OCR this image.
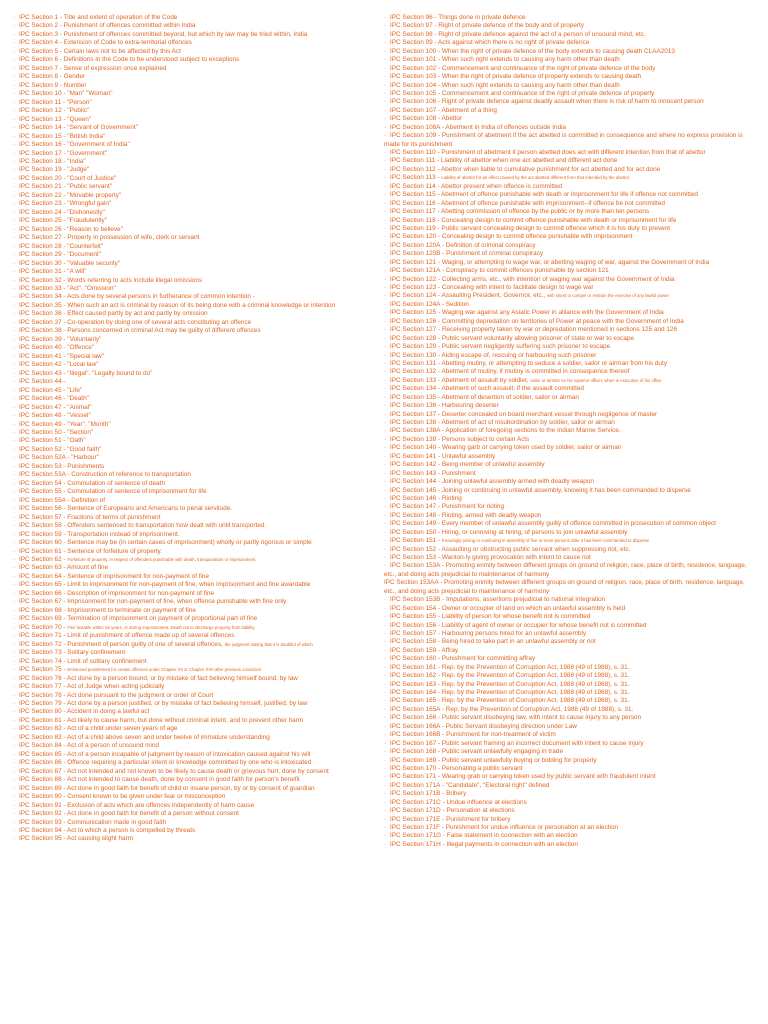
· IPC Section 1 - Title and extent of operation of the Code
· IPC Section 2 - Punishment of offences committed within India
· IPC Section 3 - Punishment of offences committed beyond, but which by law may be tried within, India
· IPC Section 4 - Extension of Code to extra-territorial offences
· IPC Section 5 - Certain laws not to be affected by this Act
· IPC Section 6 - Definitions in the Code to be understood subject to exceptions
· IPC Section 7 - Sense of expression once explained
· IPC Section 8 - Gender
· IPC Section 9 - Number
· IPC Section 10 - "Man" "Woman"
· IPC Section 11 - "Person"
· IPC Section 12 - "Public"
· IPC Section 13 - "Queen"
· IPC Section 14 - "Servant of Government"
· IPC Section 15 - "British India"
· IPC Section 16 - "Government of India"
· IPC Section 17 - "Government"
· IPC Section 18 - "India"
· IPC Section 19 - "Judge"
· IPC Section 20 - "Court of Justice"
· IPC Section 21 - "Public servant"
· IPC Section 22 - "Movable property"
· IPC Section 23 - "Wrongful gain"
· IPC Section 24 - "Dishonestly"
· IPC Section 25 - "Fraudulently"
· IPC Section 26 - "Reason to believe"
· IPC Section 27 - Property in possession of wife, clerk or servant
· IPC Section 28 - "Counterfeit"
· IPC Section 29 - "Document"
· IPC Section 30 - "Valuable security"
· IPC Section 31 - "A will"
· IPC Section 32 - Words referring to acts include illegal omissions
· IPC Section 33 - "Act". "Omission"
· IPC Section 34 - Acts done by several persons in furtherance of common intention -
· IPC Section 35 - When such an act is criminal by reason of its being done with a criminal knowledge or intention
· IPC Section 36 - Effect caused partly by act and partly by omission
· IPC Section 37 - Co-operation by doing one of several acts constituting an offence
· IPC Section 38 - Persons concerned in criminal Act may be guilty of different offences
· IPC Section 39 - "Voluntarily"
· IPC Section 40 - "Offence"
· IPC Section 41 - "Special law"
· IPC Section 42 - "Local law"
· IPC Section 43 - "Illegal". "Legally bound to do"
· IPC Section 44 -
· IPC Section 45 - "Life"
· IPC Section 46 - "Death"
· IPC Section 47 - "Animal"
· IPC Section 48 - "Vessel"
· IPC Section 49 - "Year". "Month"
· IPC Section 50 - "Section"
· IPC Section 51 - "Oath"
· IPC Section 52 - "Good faith"
· IPC Section 52A - "Harbour"
· IPC Section 53 - Punishments
· IPC Section 53A - Construction of reference to transportation
· IPC Section 54 - Commutation of sentence of death
· IPC Section 55 - Commutation of sentence of imprisonment for life
· IPC Section 55A - Definition of
· IPC Section 56 - Sentence of Europeans and Americans to penal servitude.
· IPC Section 57 - Fractions of terms of punishment
· IPC Section 58 - Offenders sentenced to transportation how dealt with until transported.
· IPC Section 59 - Transportation instead of imprisonment.
· IPC Section 60 - Sentence may be (in certain cases of imprisonment) wholly or partly rigorous or simple
· IPC Section 61 - Sentence of forfeiture of property.
· IPC Section 62 - Forfeiture of property, in respect of offenders punishable with death, transportation or imprisonment.
· IPC Section 63 - Amount of fine
· IPC Section 64 - Sentence of imprisonment for non-payment of fine
· IPC Section 65 - Limit to imprisonment for non-payment of fine, when imprisonment and fine awardable
· IPC Section 66 - Description of imprisonment for non-payment of fine
· IPC Section 67 - Imprisonment for non-payment of fine, when offence punishable with fine only
· IPC Section 68 - Imprisonment to terminate on payment of fine
· IPC Section 69 - Termination of imprisonment on payment of proportional part of fine
· IPC Section 70 - Fine leviable within six years, or during imprisonment. Death not to discharge property from liability.
· IPC Section 71 - Limit of punishment of offence made up of several offences
· IPC Section 72 - Punishment of person guilty of one of several offences, the judgment stating that it is doubtful of which
· IPC Section 73 - Solitary confinement
· IPC Section 74 - Limit of solitary confinement
· IPC Section 75 - Enhanced punishment for certain offences under Chapter XII or Chapter XVII after previous conviction
· IPC Section 76 - Act done by a person bound, or by mistake of fact believing himself bound, by law
· IPC Section 77 - Act of Judge when acting judicially
· IPC Section 78 - Act done pursuant to the judgment or order of Court
· IPC Section 79 - Act done by a person justified, or by mistake of fact believing himself, justified, by law
· IPC Section 80 - Accident in doing a lawful act
· IPC Section 81 - Act likely to cause harm, but done without criminal intent, and to prevent other harm
· IPC Section 82 - Act of a child under seven years of age
· IPC Section 83 - Act of a child above seven and under twelve of immature understanding
· IPC Section 84 - Act of a person of unsound mind
· IPC Section 85 - Act of a person incapable of judgment by reason of intoxication caused against his will
· IPC Section 86 - Offence requiring a particular intent or knowledge committed by one who is intoxicated
· IPC Section 87 - Act not intended and not known to be likely to cause death or grievous hurt, done by consent
· IPC Section 88 - Act not intended to cause death, done by consent in good faith for person's benefit
· IPC Section 89 - Act done in good faith for benefit of child or insane person, by or by consent of guardian
· IPC Section 90 - Consent known to be given under fear or misconception
· IPC Section 91 - Exclusion of acts which are offences independently of harm cause
· IPC Section 92 - Act done in good faith for benefit of a person without consent
· IPC Section 93 - Communication made in good faith
· IPC Section 94 - Act to which a person is compelled by threats
· IPC Section 95 - Act causing slight harm
· IPC Section 96 - Things done in private defence
· IPC Section 97 - Right of private defence of the body and of property
· IPC Section 98 - Right of private defence against the act of a person of unsound mind, etc.
· IPC Section 99 - Acts against which there is no right of private defence
· IPC Section 100 - When the right of private defence of the body extends to causing death CLAA2013
· IPC Section 101 - When such right extends to causing any harm other than death
· IPC Section 102 - Commencement and continuance of the right of private defence of the body
· IPC Section 103 - When the right of private defence of property extends to causing death
· IPC Section 104 - When such right extends to causing any harm other than death
· IPC Section 105 - Commencement and continuance of the right of private defence of property
· IPC Section 106 - Right of private defence against deadly assault when there is risk of harm to innocent person
· IPC Section 107 - Abetment of a thing
· IPC Section 108 - Abettor
· IPC Section 108A - Abetment in India of offences outside India
· IPC Section 109 - Punishment of abetment if the act abetted is committed in consequence and where no express provision is made for its punishment
· IPC Section 110 - Punishment of abetment if person abetted does act with different intention from that of abettor
· IPC Section 111 - Liability of abettor when one act abetted and different act done
· IPC Section 112 - Abettor when liable to cumulative punishment for act abetted and for act done
· IPC Section 113 - Liability of abettor for an effect caused by the act abetted different from that intended by the abettor
· IPC Section 114 - Abettor present when offence is committed
· IPC Section 115 - Abetment of offence punishable with death or imprisonment for life if offence not committed
· IPC Section 116 - Abetment of offence punishable with imprisonment--if offence be not committed
· IPC Section 117 - Abetting commission of offence by the public or by more than ten persons
· IPC Section 118 - Concealing design to commit offence punishable with death or imprisonment for life
· IPC Section 119 - Public servant concealing design to commit offence which it is his duty to prevent
· IPC Section 120 - Concealing design to commit offence punishable with imprisonment
· IPC Section 120A - Definition of criminal conspiracy
· IPC Section 120B - Punishment of criminal conspiracy
· IPC Section 121 - Waging, or attempting to wage war, or abetting waging of war, against the Government of India
· IPC Section 121A - Conspiracy to commit offences punishable by section 121
· IPC Section 122 - Collecting arms, etc., with intention of waging war against the Government of India
· IPC Section 123 - Concealing with intent to facilitate design to wage war
· IPC Section 124 - Assaulting President, Governor, etc., with intent to compel or restrain the exercise of any lawful power
· IPC Section 124A - Sedition
· IPC Section 125 - Waging war against any Asiatic Power in alliance with the Government of India
· IPC Section 126 - Committing depredation on territories of Power at peace with the Government of India
· IPC Section 127 - Receiving property taken by war or depredation mentioned in sections 125 and 126
· IPC Section 128 - Public servant voluntarily allowing prisoner of state or war to escape
· IPC Section 129 - Public servant negligently suffering such prisoner to escape
· IPC Section 130 - Aiding escape of, rescuing or harbouring such prisoner
· IPC Section 131 - Abetting mutiny, or attempting to seduce a soldier, sailor or airman from his duty
· IPC Section 132 - Abetment of mutiny, if mutiny is committed in consequence thereof
· IPC Section 133 - Abetment of assault by soldier, sailor or airman on his superior officer, when in execution of his office
· IPC Section 134 - Abetment of such assault, if the assault committed
· IPC Section 135 - Abetment of desertion of soldier, sailor or airman
· IPC Section 136 - Harbouring deserter
· IPC Section 137 - Deserter concealed on board merchant vessel through negligence of master
· IPC Section 138 - Abetment of act of insubordination by soldier, sailor or airman
· IPC Section 138A - Application of foregoing sections to the Indian Marine Service.
· IPC Section 139 - Persons subject to certain Acts
· IPC Section 140 - Wearing garb or carrying token used by soldier, sailor or airman
· IPC Section 141 - Unlawful assembly
· IPC Section 142 - Being member of unlawful assembly
· IPC Section 143 - Punishment
· IPC Section 144 - Joining unlawful assembly armed with deadly weapon
· IPC Section 145 - Joining or continuing in unlawful assembly, knowing it has been commanded to disperse
· IPC Section 146 - Rioting
· IPC Section 147 - Punishment for rioting
· IPC Section 148 - Rioting, armed with deadly weapon
· IPC Section 149 - Every member of unlawful assembly guilty of offence committed in prosecution of common object
· IPC Section 150 - Hiring, or conniving at hiring, of persons to join unlawful assembly
· IPC Section 151 - Knowingly joining or continuing in assembly of five or more persons after it has been commanded to disperse
· IPC Section 152 - Assaulting or obstructing public servant when suppressing riot, etc.
· IPC Section 153 - Wanton-ly giving provocation with intent to cause riot
· IPC Section 153A - Promoting enmity between different groups on ground of religion, race, place of birth, residence, language, etc., and doing acts prejudicial to maintenance of harmony
IPC Section 153AA - Promoting enmity between different groups on ground of religion, race, place of birth, residence, language, etc., and doing acts prejudicial to maintenance of harmony
· IPC Section 153B - Imputations, assertions prejudicial to national integration
· IPC Section 154 - Owner or occupier of land on which an unlawful assembly is held
· IPC Section 155 - Liability of person for whose benefit riot is committed
· IPC Section 156 - Liability of agent of owner or occupier for whose benefit riot is committed
· IPC Section 157 - Harbouring persons hired for an unlawful assembly
· IPC Section 158 - Being hired to take part in an unlawful assembly or riot
· IPC Section 159 - Affray
· IPC Section 160 - Punishment for committing affray
· IPC Section 161 - Rep. by the Prevention of Corruption Act, 1988 (49 of 1988), s. 31.
· IPC Section 162 - Rep. by the Prevention of Corruption Act, 1988 (49 of 1988), s. 31.
· IPC Section 163 - Rep. by the Prevention of Corruption Act, 1988 (49 of 1988), s. 31.
· IPC Section 164 - Rep. by the Prevention of Corruption Act, 1988 (49 of 1988), s. 31.
· IPC Section 165 - Rep. by the Prevention of Corruption Act, 1988 (49 of 1988), s. 31.
· IPC Section 165A - Rep. by the Prevention of Corruption Act, 1988 (49 of 1988), s. 31.
· IPC Section 166 - Public servant disobeying law, with intent to cause injury to any person
· IPC Section 166A - Public Servant disobeying direction under Law
· IPC Section 166B - Punishment for non-treatment of victim
· IPC Section 167 - Public servant framing an incorrect document with intent to cause injury
· IPC Section 168 - Public servant unlawfully engaging in trade
· IPC Section 169 - Public servant unlawfully buying or bidding for property
· IPC Section 170 - Personating a public servant
· IPC Section 171 - Wearing grab or carrying token used by public servant with fraudulent intent
· IPC Section 171A - "Candidate", "Electoral right" defined
· IPC Section 171B - Bribery
· IPC Section 171C - Undue influence at elections
· IPC Section 171D - Personation at elections
· IPC Section 171E - Punishment for bribery
· IPC Section 171F - Punishment for undue influence or personation at an election
· IPC Section 171G - False statement in connection with an election
· IPC Section 171H - Illegal payments in connection with an election
